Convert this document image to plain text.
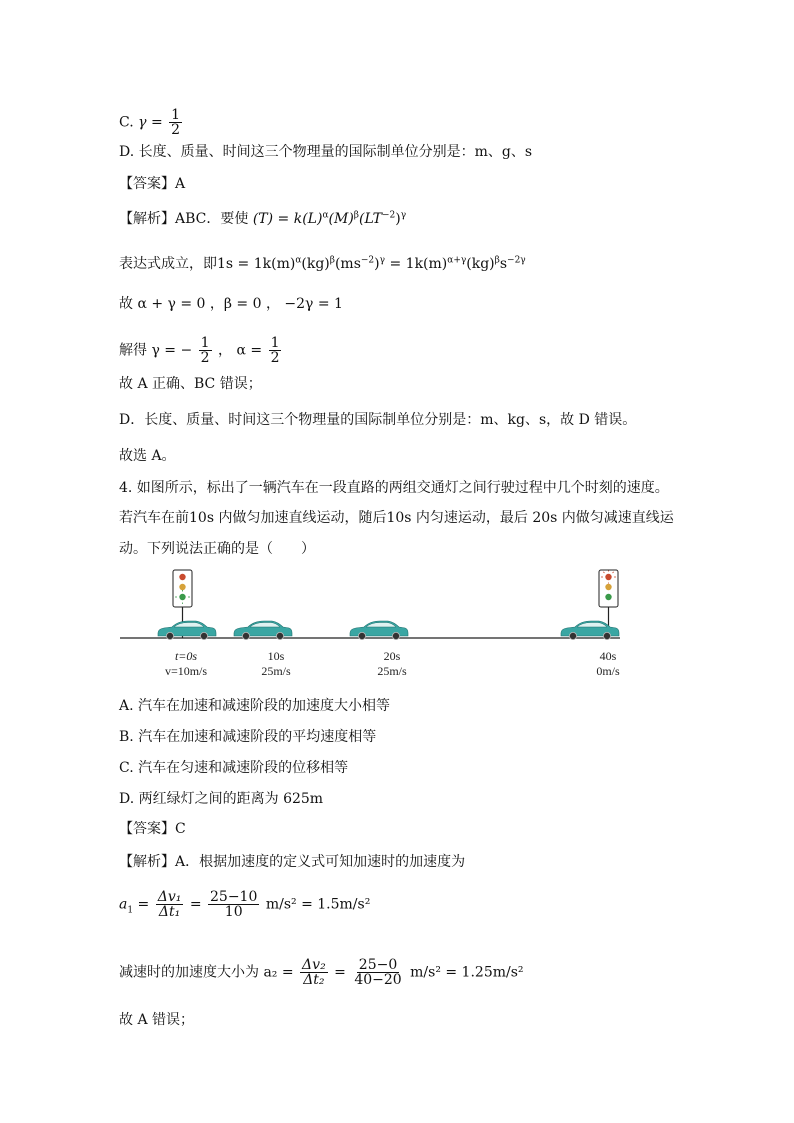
C. $\gamma = \frac{1}{2}$
D. 长度、质量、时间这三个物理量的国际制单位分别是：m、g、s
【答案】A
【解析】ABC．要使 $(T) = k(L)^\alpha(M)^\beta(LT^{-2})^\gamma$
表达式成立，即$1s = 1k(m)^\alpha(kg)^\beta(ms^{-2})^\gamma = 1k(m)^{\alpha+\gamma}(kg)^\beta s^{-2\gamma}$
故 α + γ = 0 ，β = 0 ， −2γ = 1
解得 γ = − $\frac{1}{2}$ ， $\alpha = \frac{1}{2}$
故 A 正确、BC 错误；
D．长度、质量、时间这三个物理量的国际制单位分别是：m、kg、s，故 D 错误。
故选 A。
4. 如图所示，标出了一辆汽车在一段直路的两组交通灯之间行驶过程中几个时刻的速度。
若汽车在前10s 内做匀加速直线运动，随后10s 内匀速运动，最后 20s 内做匀减速直线运
动。下列说法正确的是（　　）
t=0s
v=10m/s
10s
25m/s
20s
25m/s
40s
0m/s
A. 汽车在加速和减速阶段的加速度大小相等
B. 汽车在加速和减速阶段的平均速度相等
C. 汽车在匀速和减速阶段的位移相等
D. 两红绿灯之间的距离为 625m
【答案】C
【解析】A．根据加速度的定义式可知加速时的加速度为
$a_1 = \frac{\text{Δv₁}}{\text{Δt₁}} = \frac{25-10}{10} m/s^2 = 1.5m/s^2$
减速时的加速度大小为 $a_2 = \frac{\text{Δv₂}}{\text{Δt₂}} = \frac{25-0}{40-20} m/s^2 = 1.25m/s^2$
故 A 错误；
